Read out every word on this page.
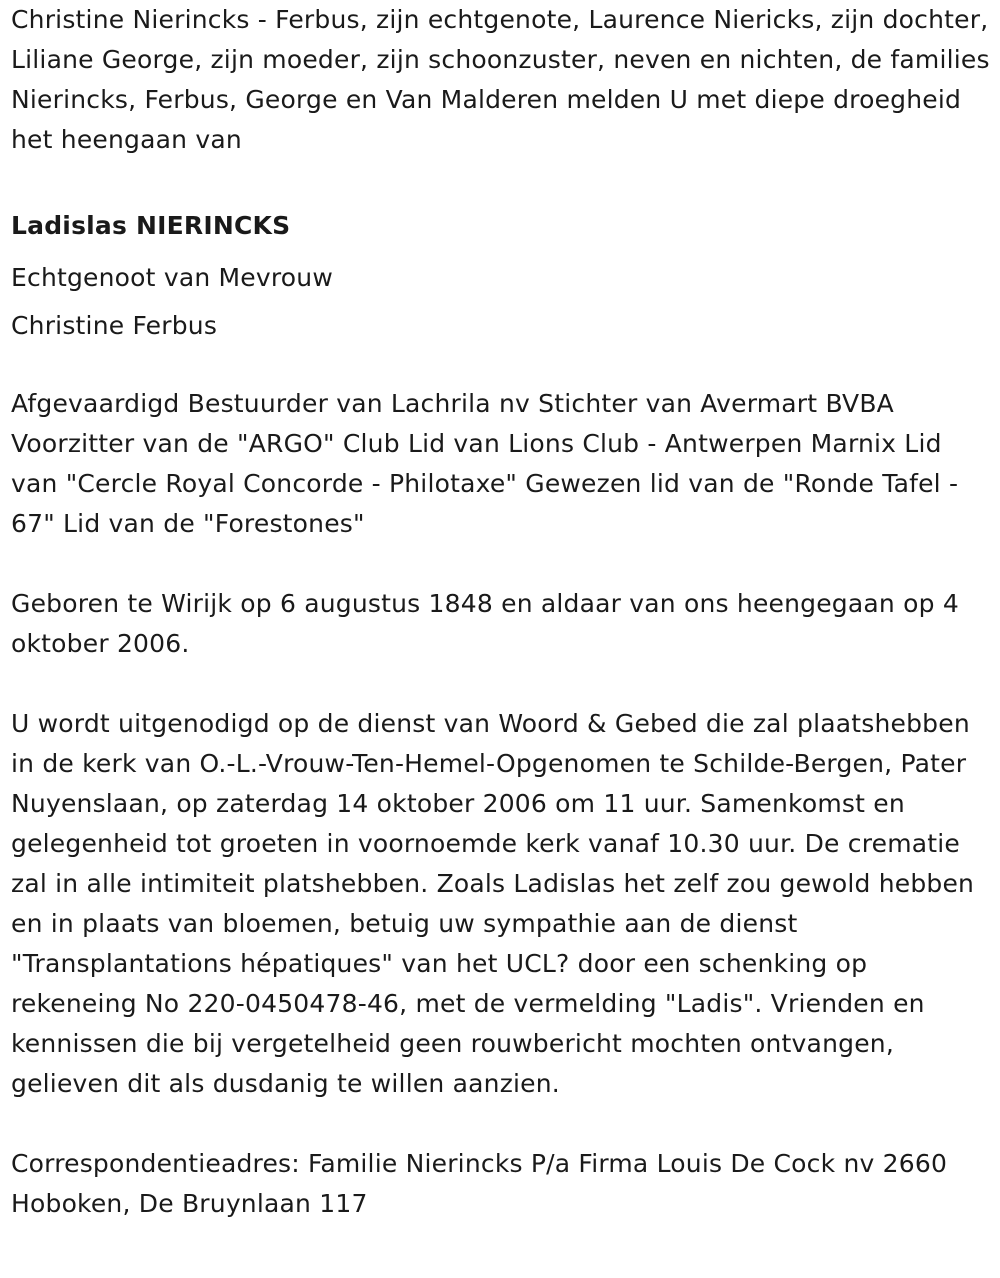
Christine Nierincks - Ferbus, zijn echtgenote, Laurence Niericks, zijn dochter, Liliane George, zijn moeder, zijn schoonzuster, neven en nichten, de families Nierincks, Ferbus, George en Van Malderen melden U met diepe droegheid het heengaan van

Ladislas NIERINCKS

Echtgenoot van Mevrouw

Christine Ferbus

Afgevaardigd Bestuurder van Lachrila nv Stichter van Avermart BVBA Voorzitter van de "ARGO" Club Lid van Lions Club - Antwerpen Marnix Lid van "Cercle Royal Concorde - Philotaxe" Gewezen lid van de "Ronde Tafel - 67" Lid van de "Forestones"

Geboren te Wirijk op 6 augustus 1848 en aldaar van ons heengegaan op 4 oktober 2006.

U wordt uitgenodigd op de dienst van Woord & Gebed die zal plaatshebben in de kerk van O.-L.-Vrouw-Ten-Hemel-Opgenomen te Schilde-Bergen, Pater Nuyenslaan, op zaterdag 14 oktober 2006 om 11 uur. Samenkomst en gelegenheid tot groeten in voornoemde kerk vanaf 10.30 uur. De crematie zal in alle intimiteit platshebben. Zoals Ladislas het zelf zou gewold hebben en in plaats van bloemen, betuig uw sympathie aan de dienst "Transplantations hépatiques" van het UCL? door een schenking op rekeneing No 220-0450478-46, met de vermelding "Ladis". Vrienden en kennissen die bij vergetelheid geen rouwbericht mochten ontvangen, gelieven dit als dusdanig te willen aanzien.

Correspondentieadres: Familie Nierincks P/a Firma Louis De Cock nv 2660 Hoboken, De Bruynlaan 117
